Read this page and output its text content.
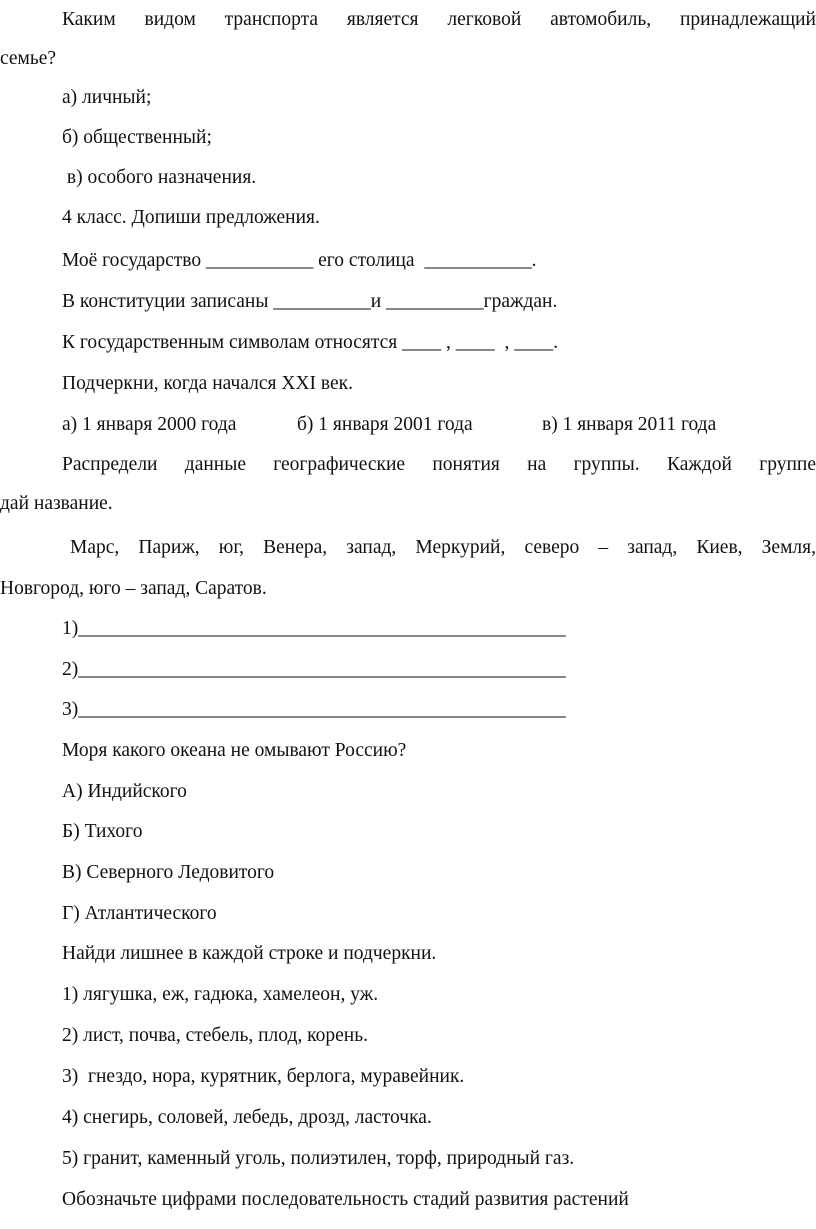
Каким видом транспорта является легковой автомобиль, принадлежащий

семье?

а) личный;

б) общественный;

в) особого назначения.

4 класс. Допиши предложения.

Моё государство ___________ его столица  ___________.

В конституции записаны __________и __________граждан.

К государственным символам относятся ____ , ____  , ____.

Подчеркни, когда начался XXI век.

а) 1 января 2000 года	б) 1 января 2001 года	в) 1 января 2011 года

Распредели данные географические понятия на группы. Каждой группе

дай название.

Марс, Париж, юг, Венера, запад, Меркурий, северо – запад, Киев, Земля,

Новгород, юго – запад, Саратов.

1)__________________________________________________

2)__________________________________________________

3)__________________________________________________

Моря какого океана не омывают Россию?

А) Индийского

Б) Тихого

В) Северного Ледовитого

Г) Атлантического

Найди лишнее в каждой строке и подчеркни.

1) лягушка, еж, гадюка, хамелеон, уж.

2) лист, почва, стебель, плод, корень.

3)  гнездо, нора, курятник, берлога, муравейник.

4) снегирь, соловей, лебедь, дрозд, ласточка.

5) гранит, каменный уголь, полиэтилен, торф, природный газ.

Обозначьте цифрами последовательность стадий развития растений
